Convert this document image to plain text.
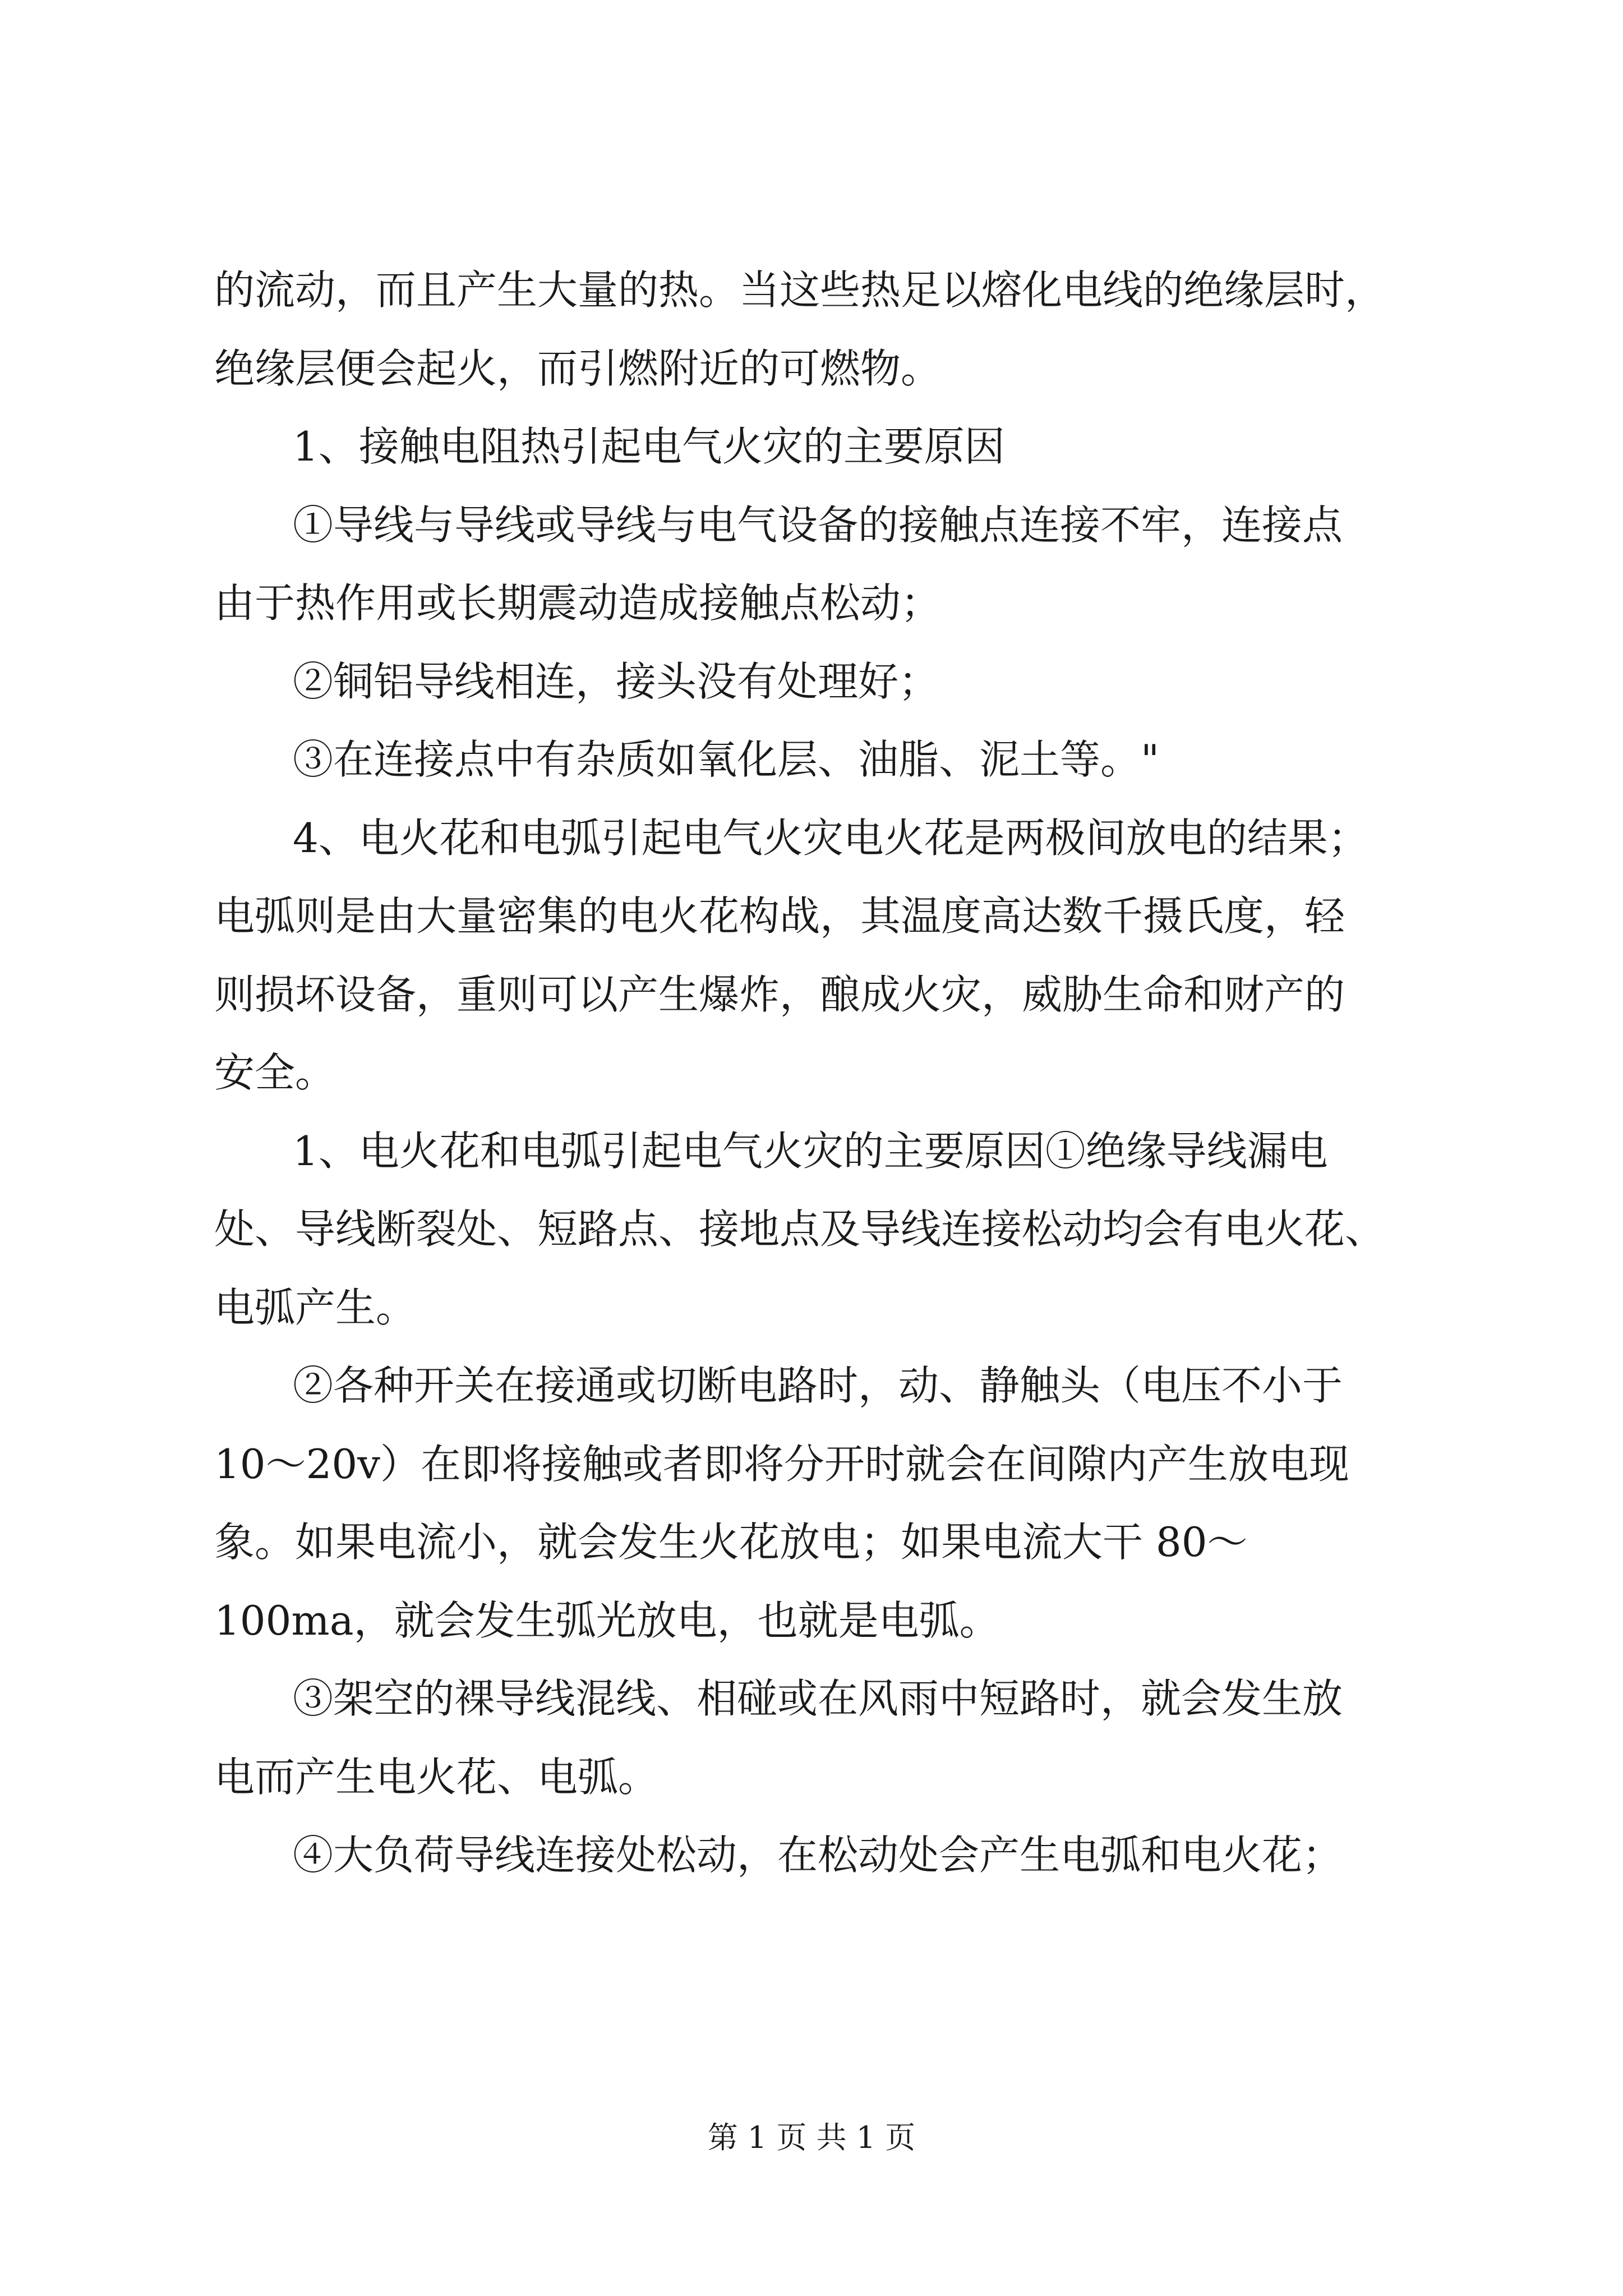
的流动，而且产生大量的热。当这些热足以熔化电线的绝缘层时，

绝缘层便会起火，而引燃附近的可燃物。

1、接触电阻热引起电气火灾的主要原因

①导线与导线或导线与电气设备的接触点连接不牢，连接点

由于热作用或长期震动造成接触点松动；

②铜铝导线相连，接头没有处理好；

③在连接点中有杂质如氧化层、油脂、泥土等。"

4、电火花和电弧引起电气火灾电火花是两极间放电的结果；

电弧则是由大量密集的电火花构战，其温度高达数千摄氏度，轻

则损坏设备，重则可以产生爆炸，酿成火灾，威胁生命和财产的

安全。

1、电火花和电弧引起电气火灾的主要原因①绝缘导线漏电

处、导线断裂处、短路点、接地点及导线连接松动均会有电火花、

电弧产生。

②各种开关在接通或切断电路时，动、静触头（电压不小于

10～20v）在即将接触或者即将分开时就会在间隙内产生放电现

象。如果电流小，就会发生火花放电；如果电流大干 80～

100ma，就会发生弧光放电，也就是电弧。

③架空的裸导线混线、相碰或在风雨中短路时，就会发生放

电而产生电火花、电弧。

④大负荷导线连接处松动，在松动处会产生电弧和电火花；

第 1 页 共 1 页
